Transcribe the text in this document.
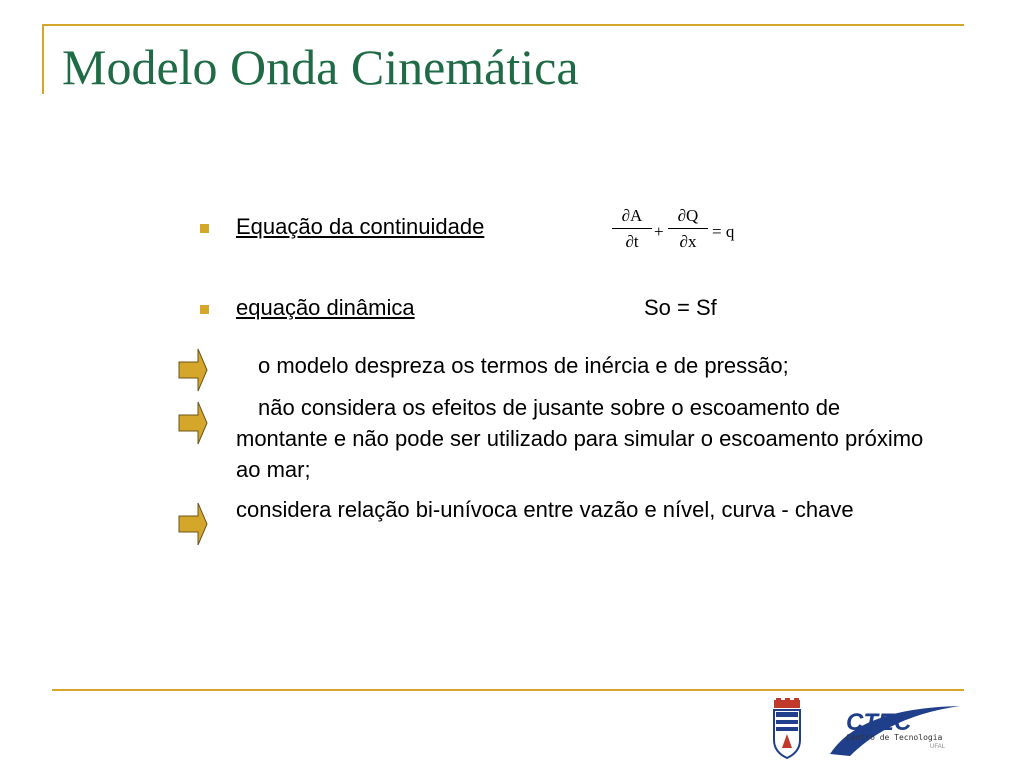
Modelo Onda Cinemática
Equação da continuidade	$\frac{\partial A}{\partial t} + \frac{\partial Q}{\partial x} = q$
equação dinâmica	So = Sf
o modelo despreza os termos de inércia e de pressão;
não considera os efeitos de jusante sobre o escoamento de montante e não pode ser utilizado para simular o escoamento próximo ao mar;
considera relação bi-unívoca entre vazão e nível, curva - chave
CTEC
Centro de Tecnologia
UFAL
